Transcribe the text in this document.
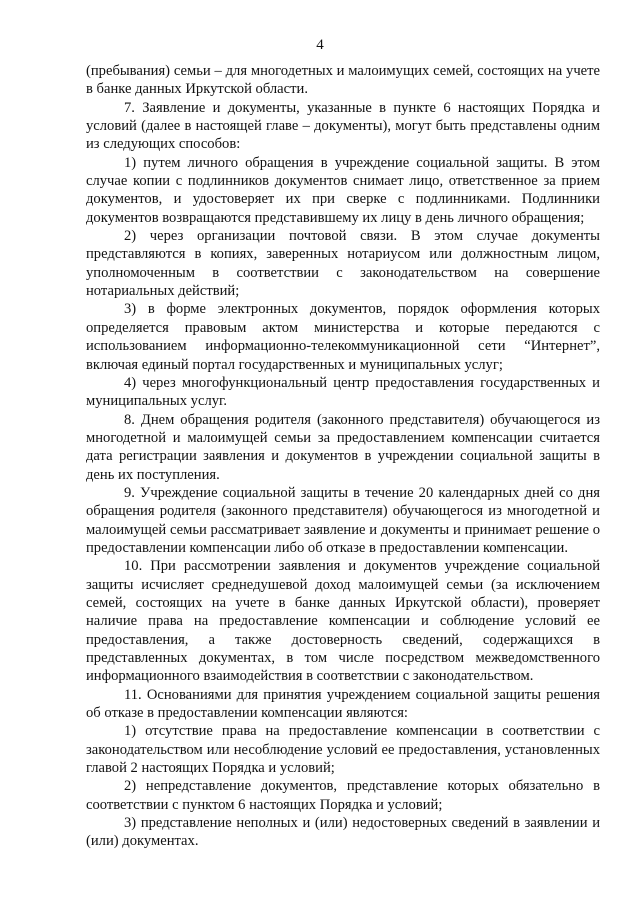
4

(пребывания) семьи – для многодетных и малоимущих семей, состоящих на учете в банке данных Иркутской области.

7. Заявление и документы, указанные в пункте 6 настоящих Порядка и условий (далее в настоящей главе – документы), могут быть представлены одним из следующих способов:

1) путем личного обращения в учреждение социальной защиты. В этом случае копии с подлинников документов снимает лицо, ответственное за прием документов, и удостоверяет их при сверке с подлинниками. Подлинники документов возвращаются представившему их лицу в день личного обращения;

2) через организации почтовой связи. В этом случае документы представляются в копиях, заверенных нотариусом или должностным лицом, уполномоченным в соответствии с законодательством на совершение нотариальных действий;

3) в форме электронных документов, порядок оформления которых определяется правовым актом министерства и которые передаются с использованием информационно-телекоммуникационной сети “Интернет”, включая единый портал государственных и муниципальных услуг;

4) через многофункциональный центр предоставления государственных и муниципальных услуг.

8. Днем обращения родителя (законного представителя) обучающегося из многодетной и малоимущей семьи за предоставлением компенсации считается дата регистрации заявления и документов в учреждении социальной защиты в день их поступления.

9. Учреждение социальной защиты в течение 20 календарных дней со дня обращения родителя (законного представителя) обучающегося из многодетной и малоимущей семьи рассматривает заявление и документы и принимает решение о предоставлении компенсации либо об отказе в предоставлении компенсации.

10. При рассмотрении заявления и документов учреждение социальной защиты исчисляет среднедушевой доход малоимущей семьи (за исключением семей, состоящих на учете в банке данных Иркутской области), проверяет наличие права на предоставление компенсации и соблюдение условий ее предоставления, а также достоверность сведений, содержащихся в представленных документах, в том числе посредством межведомственного информационного взаимодействия в соответствии с законодательством.

11. Основаниями для принятия учреждением социальной защиты решения об отказе в предоставлении компенсации являются:

1) отсутствие права на предоставление компенсации в соответствии с законодательством или несоблюдение условий ее предоставления, установленных главой 2 настоящих Порядка и условий;

2) непредставление документов, представление которых обязательно в соответствии с пунктом 6 настоящих Порядка и условий;

3) представление неполных и (или) недостоверных сведений в заявлении и (или) документах.
